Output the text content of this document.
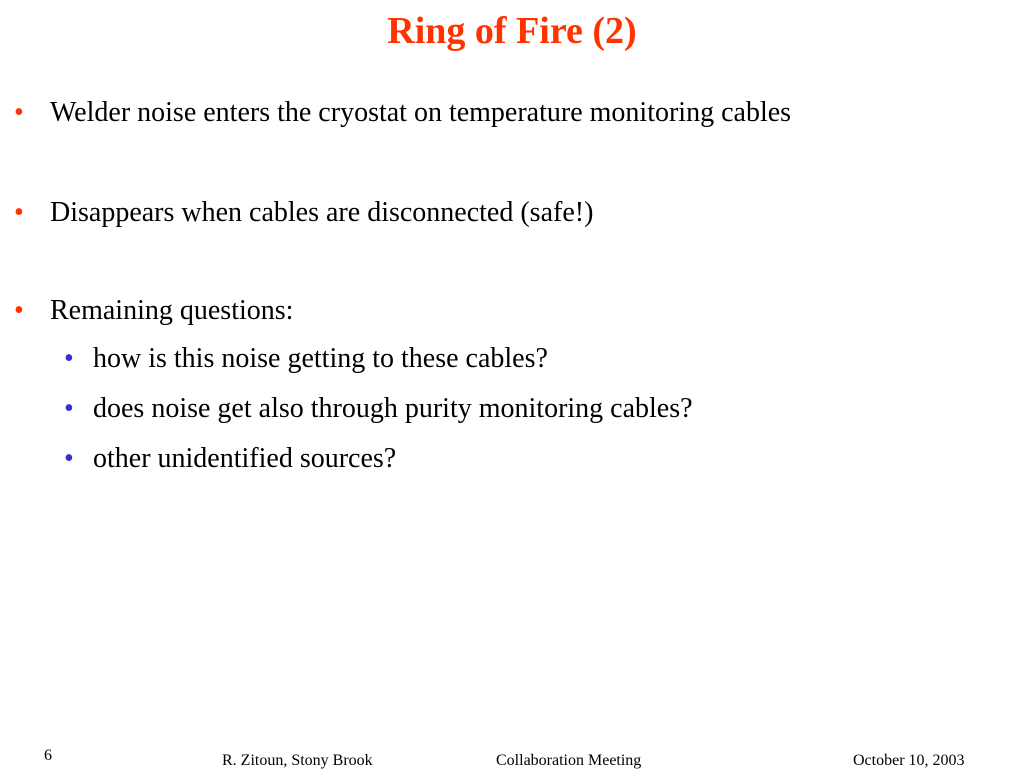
Ring of Fire (2)
• Welder noise enters the cryostat on temperature monitoring cables
• Disappears when cables are disconnected (safe!)
• Remaining questions:
• how is this noise getting to these cables?
• does noise get also through purity monitoring cables?
• other unidentified sources?
6	R. Zitoun, Stony Brook	Collaboration Meeting	October 10, 2003
